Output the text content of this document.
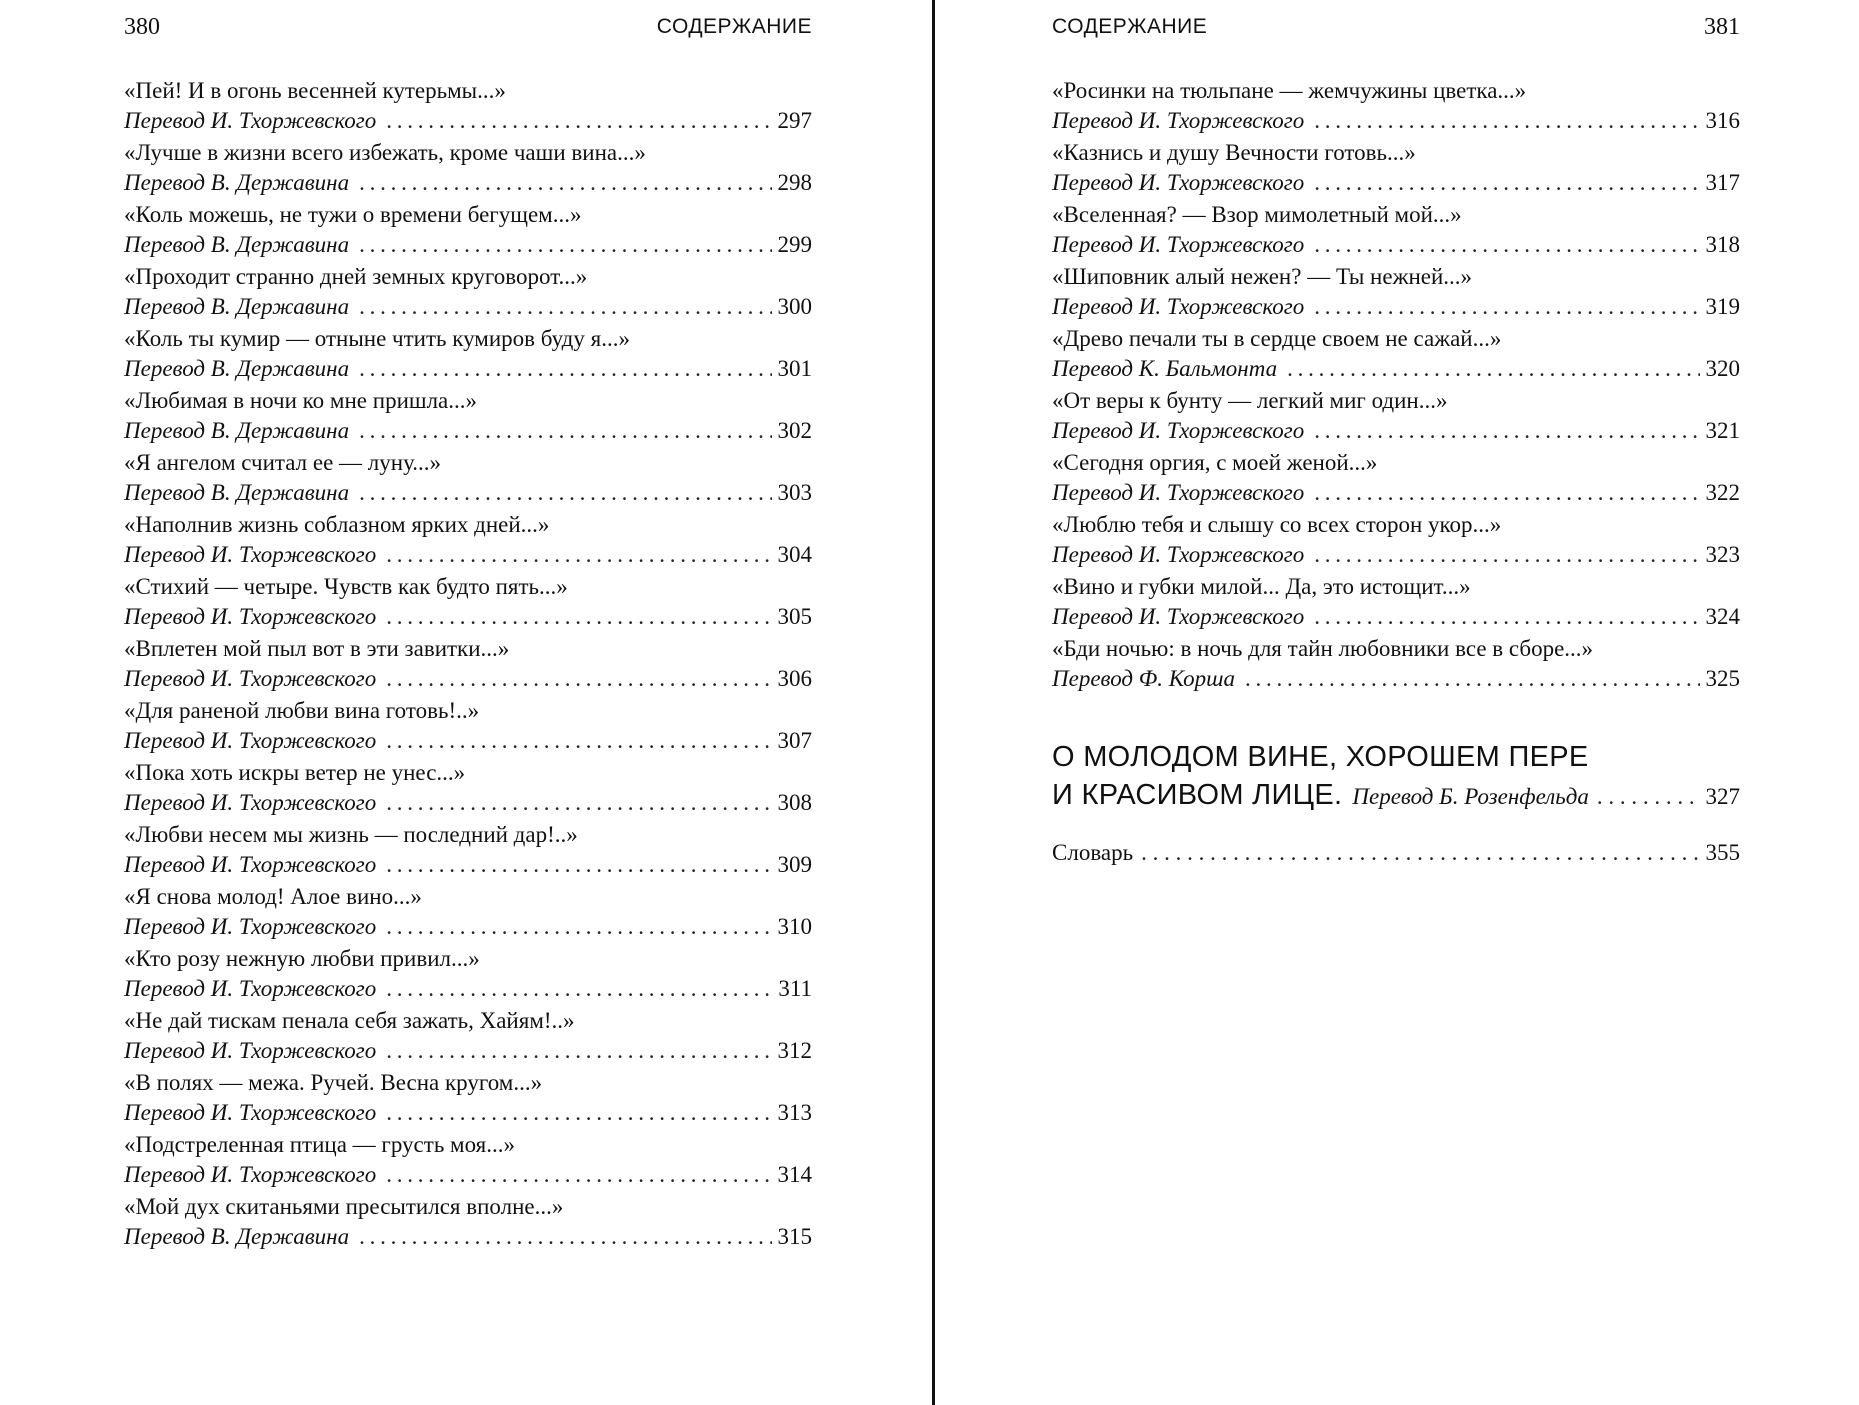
380	СОДЕРЖАНИЕ
«Пей! И в огонь весенней кутерьмы...»
Перевод И. Тхоржевского . . .	297
«Лучше в жизни всего избежать, кроме чаши вина...»
Перевод В. Державина . . .	298
«Коль можешь, не тужи о времени бегущем...»
Перевод В. Державина . . .	299
«Проходит странно дней земных круговорот...»
Перевод В. Державина . . .	300
«Коль ты кумир — отныне чтить кумиров буду я...»
Перевод В. Державина . . .	301
«Любимая в ночи ко мне пришла...»
Перевод В. Державина . . .	302
«Я ангелом считал ее — луну...»
Перевод В. Державина . . .	303
«Наполнив жизнь соблазном ярких дней...»
Перевод И. Тхоржевского . . .	304
«Стихий — четыре. Чувств как будто пять...»
Перевод И. Тхоржевского . . .	305
«Вплетен мой пыл вот в эти завитки...»
Перевод И. Тхоржевского . . .	306
«Для раненой любви вина готовь!..»
Перевод И. Тхоржевского . . .	307
«Пока хоть искры ветер не унес...»
Перевод И. Тхоржевского . . .	308
«Любви несем мы жизнь — последний дар!..»
Перевод И. Тхоржевского . . .	309
«Я снова молод! Алое вино...»
Перевод И. Тхоржевского . . .	310
«Кто розу нежную любви привил...»
Перевод И. Тхоржевского . . .	311
«Не дай тискам пенала себя зажать, Хайям!..»
Перевод И. Тхоржевского . . .	312
«В полях — межа. Ручей. Весна кругом...»
Перевод И. Тхоржевского . . .	313
«Подстреленная птица — грусть моя...»
Перевод И. Тхоржевского . . .	314
«Мой дух скитаньями пресытился вполне...»
Перевод В. Державина . . .	315
СОДЕРЖАНИЕ	381
«Росинки на тюльпане — жемчужины цветка...»
Перевод И. Тхоржевского . . .	316
«Казнись и душу Вечности готовь...»
Перевод И. Тхоржевского . . .	317
«Вселенная? — Взор мимолетный мой...»
Перевод И. Тхоржевского . . .	318
«Шиповник алый нежен? — Ты нежней...»
Перевод И. Тхоржевского . . .	319
«Древо печали ты в сердце своем не сажай...»
Перевод К. Бальмонта . . .	320
«От веры к бунту — легкий миг один...»
Перевод И. Тхоржевского . . .	321
«Сегодня оргия, с моей женой...»
Перевод И. Тхоржевского . . .	322
«Люблю тебя и слышу со всех сторон укор...»
Перевод И. Тхоржевского . . .	323
«Вино и губки милой... Да, это истощит...»
Перевод И. Тхоржевского . . .	324
«Бди ночью: в ночь для тайн любовники все в сборе...»
Перевод Ф. Корша . . .	325
О МОЛОДОМ ВИНЕ, ХОРОШЕМ ПЕРЕ
И КРАСИВОМ ЛИЦЕ. Перевод Б. Розенфельда . . .	327
Словарь . . .	355
